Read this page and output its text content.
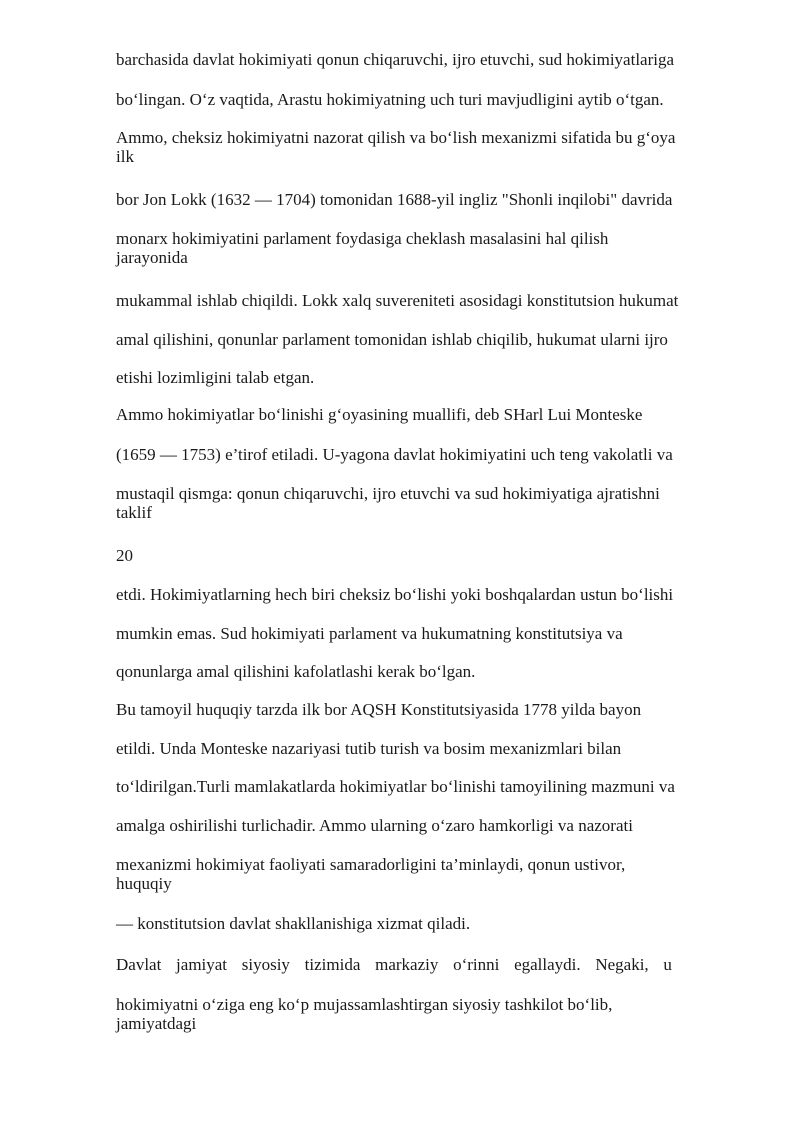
barchasida davlat hokimiyati qonun chiqaruvchi, ijro etuvchi, sud hokimiyatlariga
bo‘lingan. O‘z vaqtida, Arastu hokimiyatning uch turi mavjudligini aytib o‘tgan.
Ammo, cheksiz hokimiyatni nazorat qilish va bo‘lish mexanizmi sifatida bu g‘oya
ilk
bor Jon Lokk (1632 — 1704) tomonidan 1688-yil ingliz "Shonli inqilobi" davrida
monarx hokimiyatini parlament foydasiga cheklash masalasini hal qilish
jarayonida
mukammal ishlab chiqildi. Lokk xalq suvereniteti asosidagi konstitutsion hukumat
amal qilishini, qonunlar parlament tomonidan ishlab chiqilib, hukumat ularni ijro
etishi lozimligini talab etgan.
Ammo hokimiyatlar bo‘linishi g‘oyasining muallifi, deb SHarl Lui Monteske
(1659 — 1753) e’tirof etiladi. U-yagona davlat hokimiyatini uch teng vakolatli va
mustaqil qismga: qonun chiqaruvchi, ijro etuvchi va sud hokimiyatiga ajratishni
taklif
20
etdi. Hokimiyatlarning hech biri cheksiz bo‘lishi yoki boshqalardan ustun bo‘lishi
mumkin emas. Sud hokimiyati parlament va hukumatning konstitutsiya va
qonunlarga amal qilishini kafolatlashi kerak bo‘lgan.
Bu tamoyil huquqiy tarzda ilk bor AQSH Konstitutsiyasida 1778 yilda bayon
etildi. Unda Monteske nazariyasi tutib turish va bosim mexanizmlari bilan
to‘ldirilgan.Turli mamlakatlarda hokimiyatlar bo‘linishi tamoyilining mazmuni va
amalga oshirilishi turlichadir. Ammo ularning o‘zaro hamkorligi va nazorati
mexanizmi hokimiyat faoliyati samaradorligini ta’minlaydi, qonun ustivor,
huquqiy
— konstitutsion davlat shakllanishiga xizmat qiladi.
Davlat jamiyat siyosiy tizimida markaziy o‘rinni egallaydi. Negaki, u
hokimiyatni o‘ziga eng ko‘p mujassamlashtirgan siyosiy tashkilot bo‘lib,
jamiyatdagi
